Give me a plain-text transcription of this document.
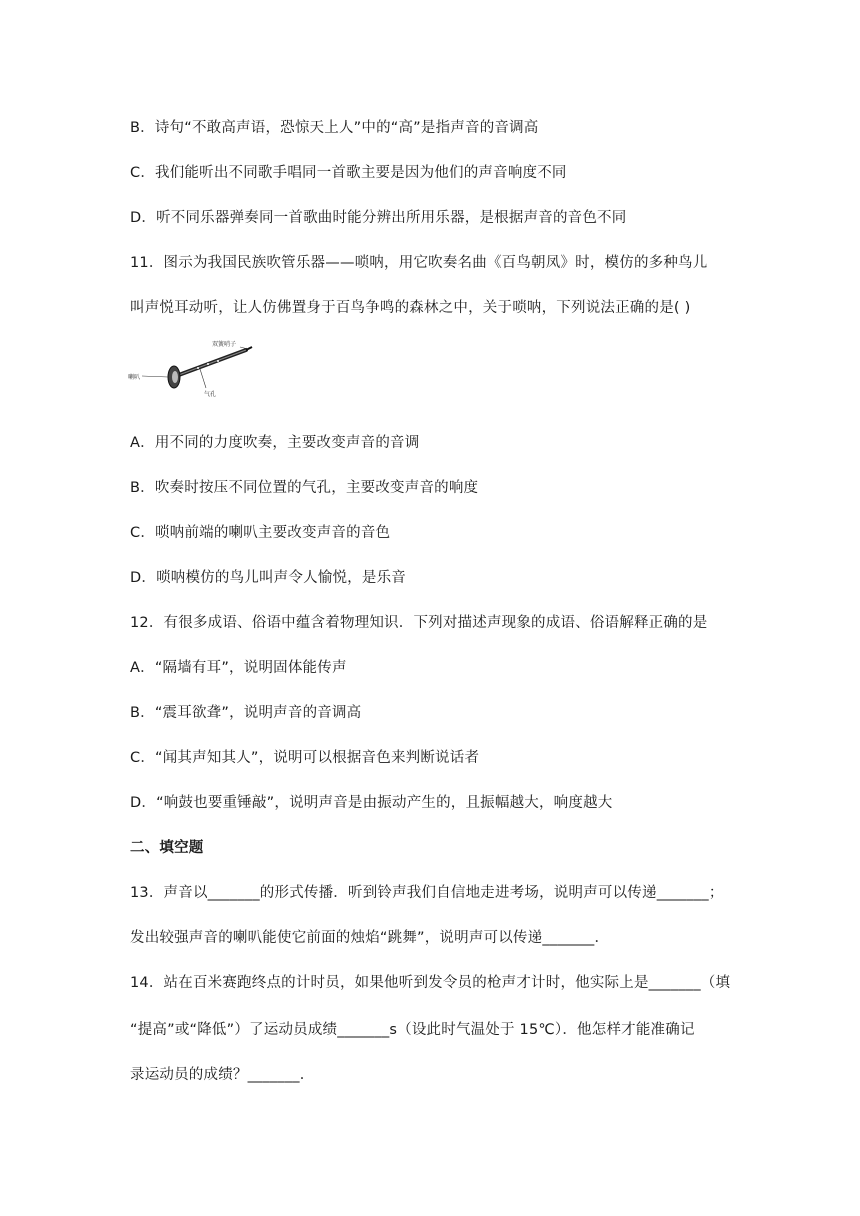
B．诗句“不敢高声语，恐惊天上人”中的“高”是指声音的音调高
C．我们能听出不同歌手唱同一首歌主要是因为他们的声音响度不同
D．听不同乐器弹奏同一首歌曲时能分辨出所用乐器，是根据声音的音色不同
11．图示为我国民族吹管乐器——唢呐，用它吹奏名曲《百鸟朝凤》时，模仿的多种鸟儿
叫声悦耳动听，让人仿佛置身于百鸟争鸣的森林之中，关于唢呐，下列说法正确的是( )
双簧哨子
喇叭
气孔
A．用不同的力度吹奏，主要改变声音的音调
B．吹奏时按压不同位置的气孔，主要改变声音的响度
C．唢呐前端的喇叭主要改变声音的音色
D．唢呐模仿的鸟儿叫声令人愉悦，是乐音
12．有很多成语、俗语中蕴含着物理知识．下列对描述声现象的成语、俗语解释正确的是
A．“隔墙有耳”，说明固体能传声
B．“震耳欲聋”，说明声音的音调高
C．“闻其声知其人”，说明可以根据音色来判断说话者
D．“响鼓也要重锤敲”，说明声音是由振动产生的，且振幅越大，响度越大
二、填空题
13．声音以_______的形式传播．听到铃声我们自信地走进考场，说明声可以传递_______；
发出较强声音的喇叭能使它前面的烛焰“跳舞”，说明声可以传递_______．
14．站在百米赛跑终点的计时员，如果他听到发令员的枪声才计时，他实际上是_______（填
“提高”或“降低”）了运动员成绩_______s（设此时气温处于 15℃）．他怎样才能准确记
录运动员的成绩？_______．
